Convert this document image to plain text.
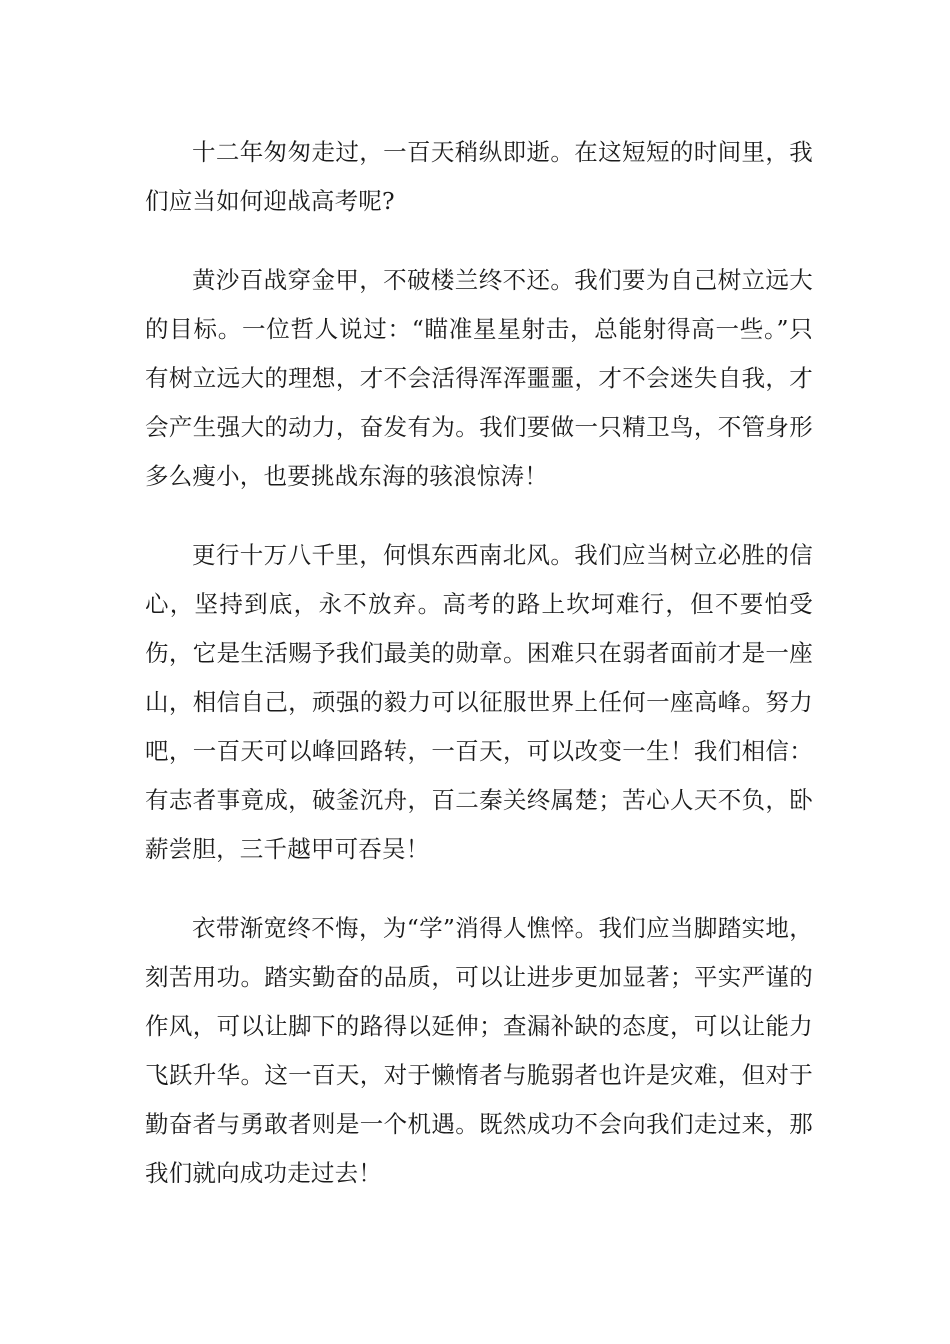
十二年匆匆走过，一百天稍纵即逝。在这短短的时间里，我们应当如何迎战高考呢?

黄沙百战穿金甲，不破楼兰终不还。我们要为自己树立远大的目标。一位哲人说过：“瞄准星星射击，总能射得高一些。”只有树立远大的理想，才不会活得浑浑噩噩，才不会迷失自我，才会产生强大的动力，奋发有为。我们要做一只精卫鸟，不管身形多么瘦小，也要挑战东海的骇浪惊涛！

更行十万八千里，何惧东西南北风。我们应当树立必胜的信心，坚持到底，永不放弃。高考的路上坎坷难行，但不要怕受伤，它是生活赐予我们最美的勋章。困难只在弱者面前才是一座山，相信自己，顽强的毅力可以征服世界上任何一座高峰。努力吧，一百天可以峰回路转，一百天，可以改变一生！我们相信：有志者事竟成，破釜沉舟，百二秦关终属楚；苦心人天不负，卧薪尝胆，三千越甲可吞吴！

衣带渐宽终不悔，为“学”消得人憔悴。我们应当脚踏实地，刻苦用功。踏实勤奋的品质，可以让进步更加显著；平实严谨的作风，可以让脚下的路得以延伸；查漏补缺的态度，可以让能力飞跃升华。这一百天，对于懒惰者与脆弱者也许是灾难，但对于勤奋者与勇敢者则是一个机遇。既然成功不会向我们走过来，那我们就向成功走过去！
